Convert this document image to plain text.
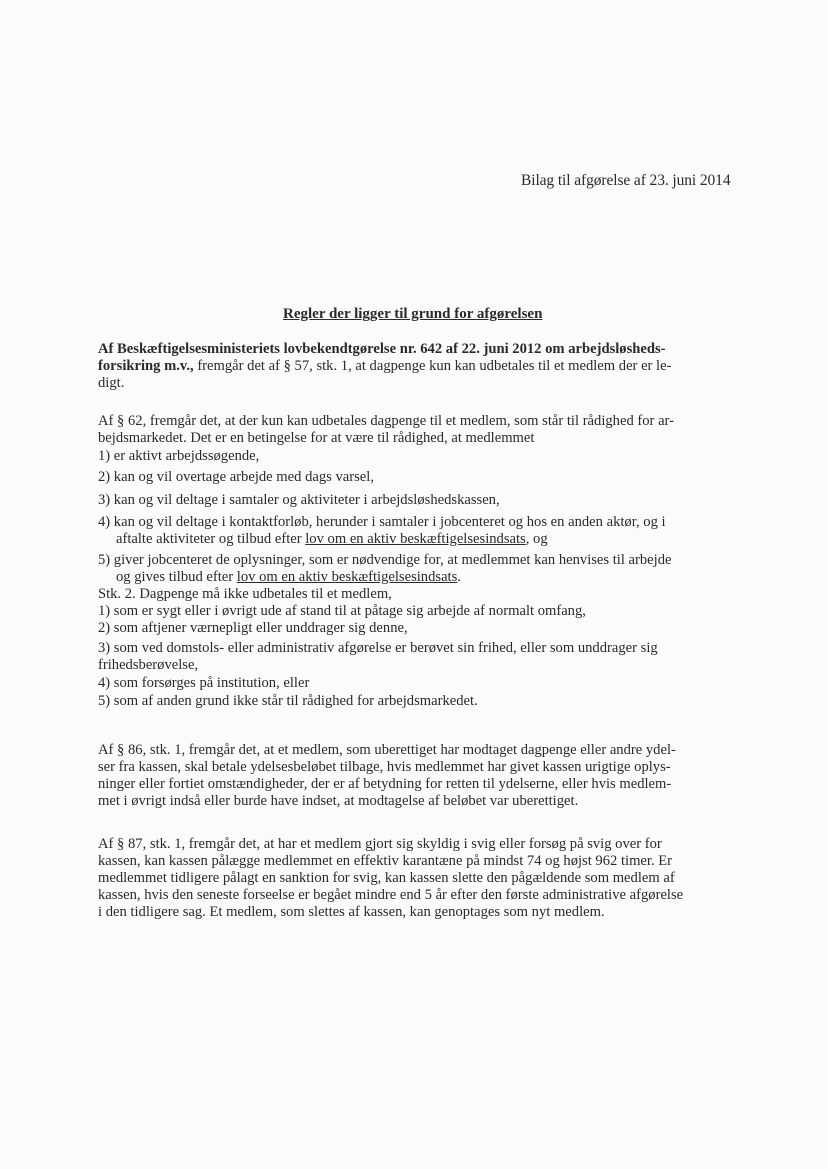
Bilag til afgørelse af 23. juni 2014
Regler der ligger til grund for afgørelsen
Af Beskæftigelsesministeriets lovbekendtgørelse nr. 642 af 22. juni 2012 om arbejdsløsheds-
forsikring m.v., fremgår det af § 57, stk. 1, at dagpenge kun kan udbetales til et medlem der er le-
digt.
Af § 62, fremgår det, at der kun kan udbetales dagpenge til et medlem, som står til rådighed for ar-
bejdsmarkedet. Det er en betingelse for at være til rådighed, at medlemmet
1) er aktivt arbejdssøgende,
2) kan og vil overtage arbejde med dags varsel,
3) kan og vil deltage i samtaler og aktiviteter i arbejdsløshedskassen,
4) kan og vil deltage i kontaktforløb, herunder i samtaler i jobcenteret og hos en anden aktør, og i
aftalte aktiviteter og tilbud efter lov om en aktiv beskæftigelsesindsats, og
5) giver jobcenteret de oplysninger, som er nødvendige for, at medlemmet kan henvises til arbejde
og gives tilbud efter lov om en aktiv beskæftigelsesindsats.
Stk. 2. Dagpenge må ikke udbetales til et medlem,
1) som er sygt eller i øvrigt ude af stand til at påtage sig arbejde af normalt omfang,
2) som aftjener værnepligt eller unddrager sig denne,
3) som ved domstols- eller administrativ afgørelse er berøvet sin frihed, eller som unddrager sig
frihedsberøvelse,
4) som forsørges på institution, eller
5) som af anden grund ikke står til rådighed for arbejdsmarkedet.
Af § 86, stk. 1, fremgår det, at et medlem, som uberettiget har modtaget dagpenge eller andre ydel-
ser fra kassen, skal betale ydelsesbeløbet tilbage, hvis medlemmet har givet kassen urigtige oplys-
ninger eller fortiet omstændigheder, der er af betydning for retten til ydelserne, eller hvis medlem-
met i øvrigt indså eller burde have indset, at modtagelse af beløbet var uberettiget.
Af § 87, stk. 1, fremgår det, at har et medlem gjort sig skyldig i svig eller forsøg på svig over for
kassen, kan kassen pålægge medlemmet en effektiv karantæne på mindst 74 og højst 962 timer. Er
medlemmet tidligere pålagt en sanktion for svig, kan kassen slette den pågældende som medlem af
kassen, hvis den seneste forseelse er begået mindre end 5 år efter den første administrative afgørelse
i den tidligere sag. Et medlem, som slettes af kassen, kan genoptages som nyt medlem.
